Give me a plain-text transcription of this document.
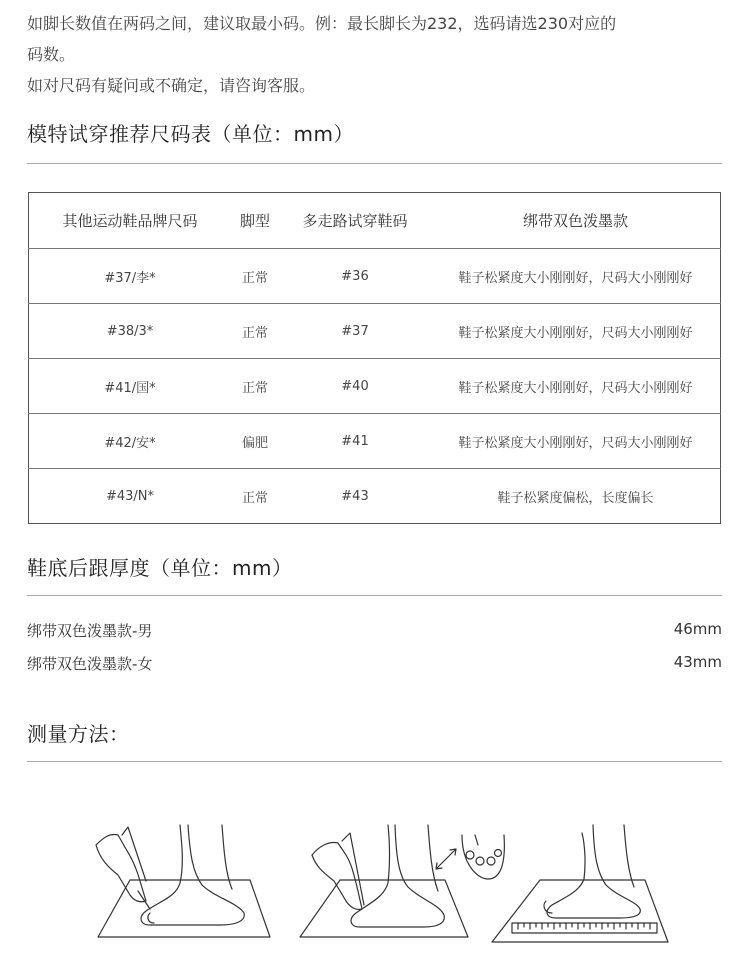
如脚长数值在两码之间，建议取最小码。例：最长脚长为232，选码请选230对应的

码数。

如对尺码有疑问或不确定，请咨询客服。

模特试穿推荐尺码表（单位：mm）
其他运动鞋品牌尺码	脚型	多走路试穿鞋码	绑带双色泼墨款
#37/李*	正常	#36	鞋子松紧度大小刚刚好，尺码大小刚刚好
#38/3*	正常	#37	鞋子松紧度大小刚刚好，尺码大小刚刚好
#41/国*	正常	#40	鞋子松紧度大小刚刚好，尺码大小刚刚好
#42/安*	偏肥	#41	鞋子松紧度大小刚刚好，尺码大小刚刚好
#43/N*	正常	#43	鞋子松紧度偏松，长度偏长
鞋底后跟厚度（单位：mm）
绑带双色泼墨款-男	46mm
绑带双色泼墨款-女	43mm
测量方法：
